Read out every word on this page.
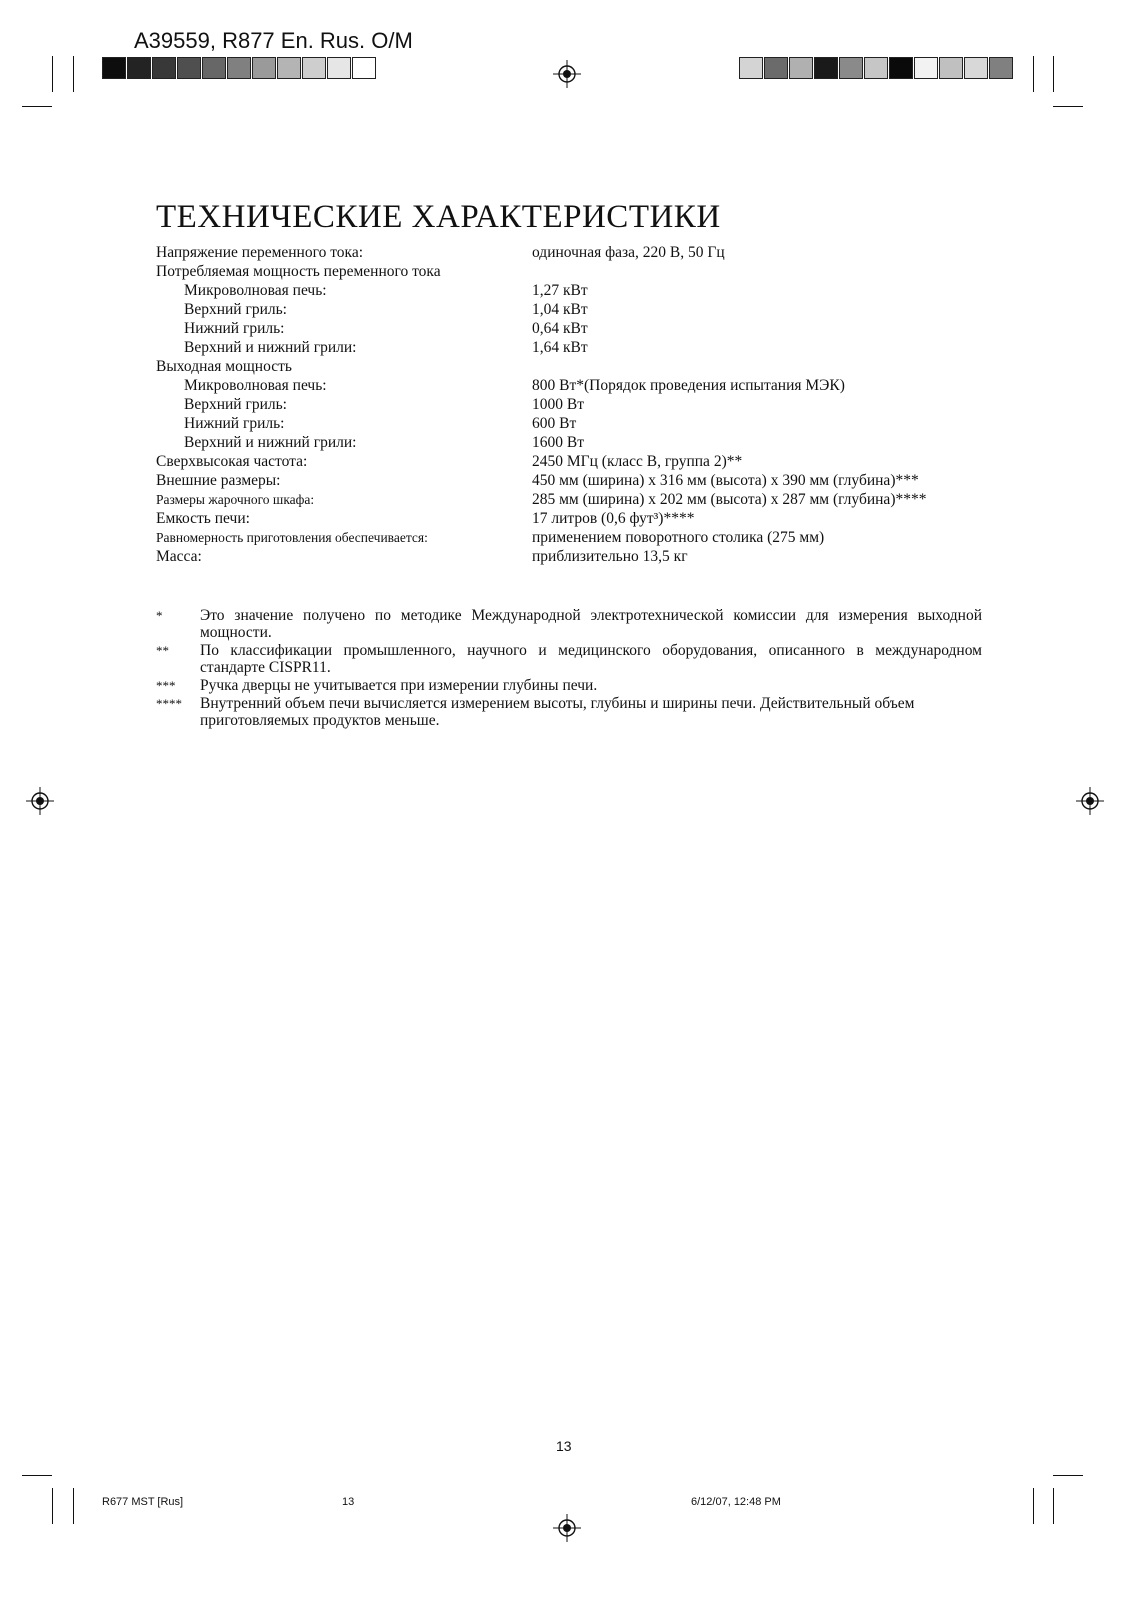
A39559, R877 En. Rus. O/M
ТЕХНИЧЕСКИЕ ХАРАКТЕРИСТИКИ
Напряжение переменного тока:	одиночная фаза, 220 В, 50 Гц
Потребляемая мощность переменного тока
Микроволновая печь:	1,27 кВт
Верхний гриль:	1,04 кВт
Нижний гриль:	0,64 кВт
Верхний и нижний грили:	1,64 кВт
Выходная мощность
Микроволновая печь:	800 Вт*(Порядок проведения испытания МЭК)
Верхний гриль:	1000 Вт
Нижний гриль:	600 Вт
Верхний и нижний грили:	1600 Вт
Сверхвысокая частота:	2450 МГц (класс В, группа 2)**
Внешние размеры:	450 мм (ширина) x 316 мм (высота) x 390 мм (глубина)***
Размеры жарочного шкафа:	285 мм (ширина) x 202 мм (высота) x 287 мм (глубина)****
Емкость печи:	17 литров (0,6 фут³)****
Равномерность приготовления обеспечивается:	применением поворотного столика (275 мм)
Масса:	приблизительно 13,5 кг
*	Это значение получено по методике Международной электротехнической комиссии для измерения выходной мощности.
**	По классификации промышленного, научного и медицинского оборудования, описанного в международном стандарте CISPR11.
***	Ручка дверцы не учитывается при измерении глубины печи.
****	Внутренний объем печи вычисляется измерением высоты, глубины и ширины печи. Действительный объем приготовляемых продуктов меньше.
13
R677 MST [Rus]	13	6/12/07, 12:48 PM
